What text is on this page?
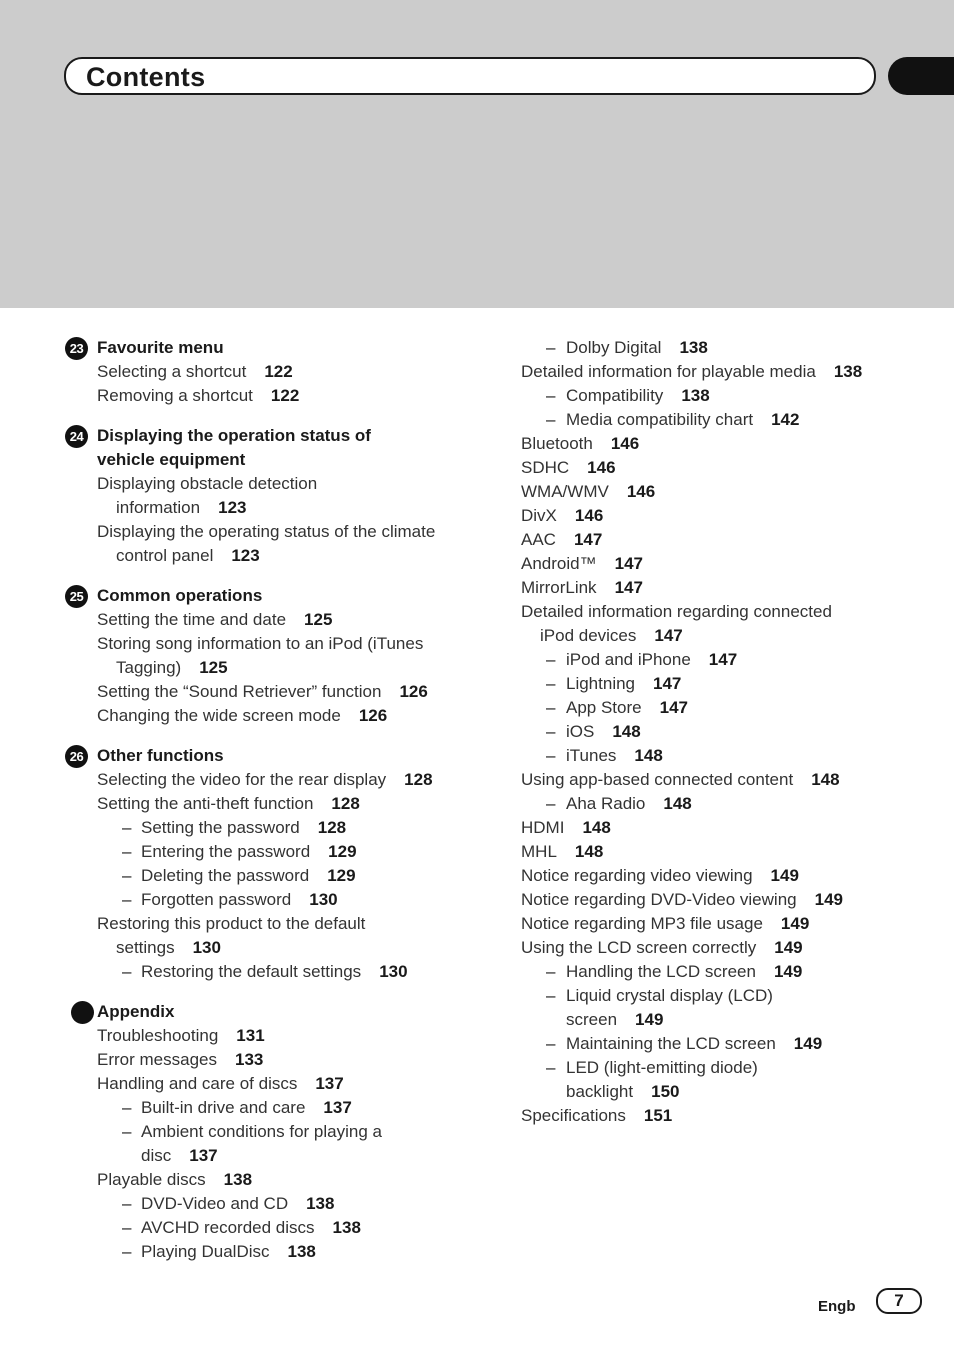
Contents
23 Favourite menu
Selecting a shortcut 122
Removing a shortcut 122
24 Displaying the operation status of
vehicle equipment
Displaying obstacle detection
information 123
Displaying the operating status of the climate
control panel 123
25 Common operations
Setting the time and date 125
Storing song information to an iPod (iTunes
Tagging) 125
Setting the “Sound Retriever” function 126
Changing the wide screen mode 126
26 Other functions
Selecting the video for the rear display 128
Setting the anti-theft function 128
– Setting the password 128
– Entering the password 129
– Deleting the password 129
– Forgotten password 130
Restoring this product to the default
settings 130
– Restoring the default settings 130
Appendix
Troubleshooting 131
Error messages 133
Handling and care of discs 137
– Built-in drive and care 137
– Ambient conditions for playing a
disc 137
Playable discs 138
– DVD-Video and CD 138
– AVCHD recorded discs 138
– Playing DualDisc 138
– Dolby Digital 138
Detailed information for playable media 138
– Compatibility 138
– Media compatibility chart 142
Bluetooth 146
SDHC 146
WMA/WMV 146
DivX 146
AAC 147
Android™ 147
MirrorLink 147
Detailed information regarding connected
iPod devices 147
– iPod and iPhone 147
– Lightning 147
– App Store 147
– iOS 148
– iTunes 148
Using app-based connected content 148
– Aha Radio 148
HDMI 148
MHL 148
Notice regarding video viewing 149
Notice regarding DVD-Video viewing 149
Notice regarding MP3 file usage 149
Using the LCD screen correctly 149
– Handling the LCD screen 149
– Liquid crystal display (LCD)
screen 149
– Maintaining the LCD screen 149
– LED (light-emitting diode)
backlight 150
Specifications 151
Engb	7
